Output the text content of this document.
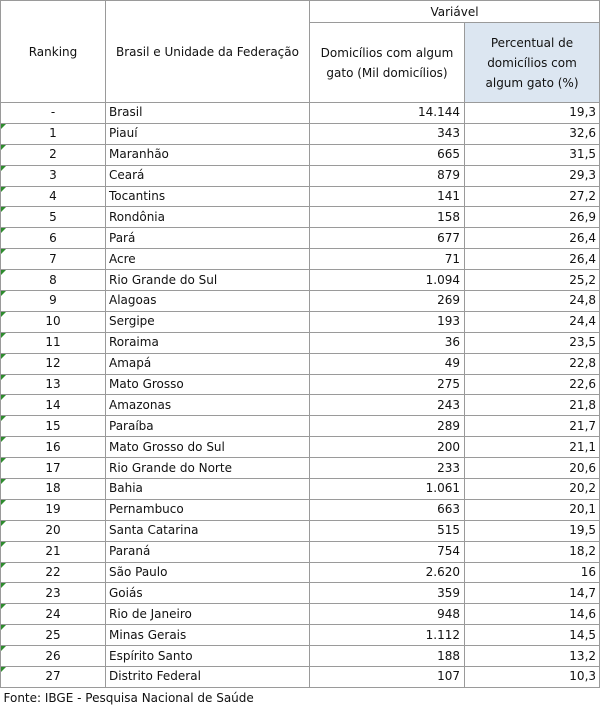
Ranking	Brasil e Unidade da Federação	Variável	
		Domicílios com algum gato (Mil domicílios)	Percentual de domicílios com algum gato (%)
-	Brasil	14.144	19,3
1	Piauí	343	32,6
2	Maranhão	665	31,5
3	Ceará	879	29,3
4	Tocantins	141	27,2
5	Rondônia	158	26,9
6	Pará	677	26,4
7	Acre	71	26,4
8	Rio Grande do Sul	1.094	25,2
9	Alagoas	269	24,8
10	Sergipe	193	24,4
11	Roraima	36	23,5
12	Amapá	49	22,8
13	Mato Grosso	275	22,6
14	Amazonas	243	21,8
15	Paraíba	289	21,7
16	Mato Grosso do Sul	200	21,1
17	Rio Grande do Norte	233	20,6
18	Bahia	1.061	20,2
19	Pernambuco	663	20,1
20	Santa Catarina	515	19,5
21	Paraná	754	18,2
22	São Paulo	2.620	16
23	Goiás	359	14,7
24	Rio de Janeiro	948	14,6
25	Minas Gerais	1.112	14,5
26	Espírito Santo	188	13,2
27	Distrito Federal	107	10,3
Fonte: IBGE - Pesquisa Nacional de Saúde			
